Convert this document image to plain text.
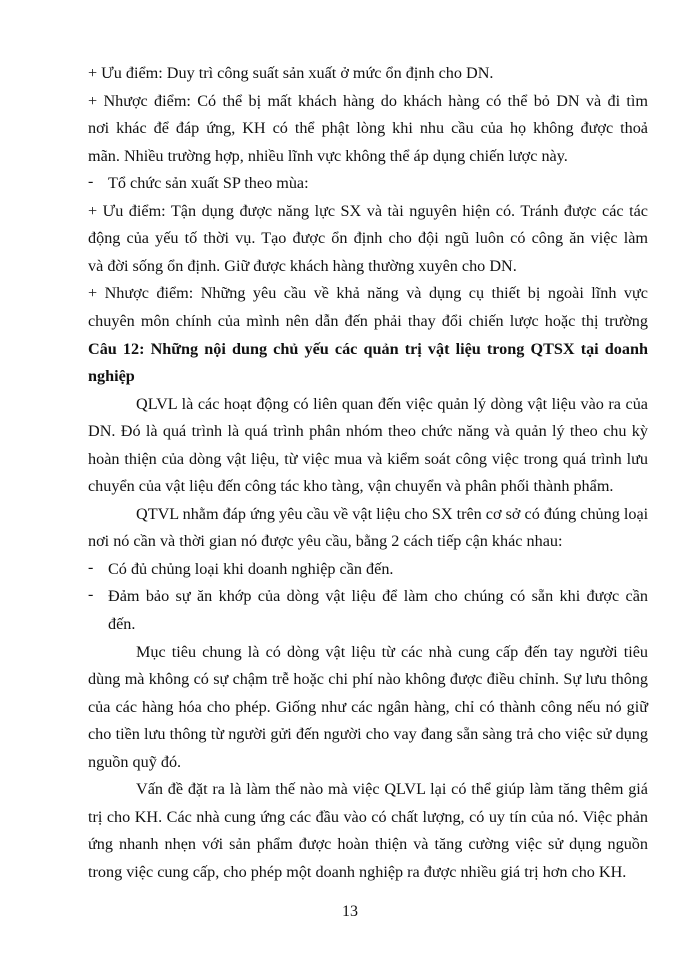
+ Ưu điểm: Duy trì công suất sản xuất ở mức ổn định cho DN.
+ Nhược điểm: Có thể bị mất khách hàng do khách hàng có thể bỏ DN và đi tìm
nơi khác để đáp ứng, KH có thể phật lòng khi nhu cầu của họ không được thoả
mãn. Nhiều trường hợp, nhiều lĩnh vực không thể áp dụng chiến lược này.
- Tổ chức sản xuất SP theo mùa:
+ Ưu điểm: Tận dụng được năng lực SX và tài nguyên hiện có. Tránh được các tác
động của yếu tố thời vụ. Tạo được ổn định cho đội ngũ luôn có công ăn việc làm
và đời sống ổn định. Giữ được khách hàng thường xuyên cho DN.
+ Nhược điểm: Những yêu cầu về khả năng và dụng cụ thiết bị ngoài lĩnh vực
chuyên môn chính của mình nên dẫn đến phải thay đổi chiến lược hoặc thị trường
Câu 12: Những nội dung chủ yếu các quản trị vật liệu trong QTSX tại doanh
nghiệp
QLVL là các hoạt động có liên quan đến việc quản lý dòng vật liệu vào ra của
DN. Đó là quá trình là quá trình phân nhóm theo chức năng và quản lý theo chu kỳ
hoàn thiện của dòng vật liệu, từ việc mua và kiểm soát công việc trong quá trình lưu
chuyển của vật liệu đến công tác kho tàng, vận chuyển và phân phối thành phẩm.
QTVL nhằm đáp ứng yêu cầu về vật liệu cho SX trên cơ sở có đúng chủng loại
nơi nó cần và thời gian nó được yêu cầu, bằng 2 cách tiếp cận khác nhau:
- Có đủ chủng loại khi doanh nghiệp cần đến.
- Đảm bảo sự ăn khớp của dòng vật liệu để làm cho chúng có sẵn khi được cần
đến.
Mục tiêu chung là có dòng vật liệu từ các nhà cung cấp đến tay người tiêu
dùng mà không có sự chậm trễ hoặc chi phí nào không được điều chỉnh. Sự lưu thông
của các hàng hóa cho phép. Giống như các ngân hàng, chỉ có thành công nếu nó giữ
cho tiền lưu thông từ người gửi đến người cho vay đang sẵn sàng trả cho việc sử dụng
nguồn quỹ đó.
Vấn đề đặt ra là làm thế nào mà việc QLVL lại có thể giúp làm tăng thêm giá
trị cho KH. Các nhà cung ứng các đầu vào có chất lượng, có uy tín của nó. Việc phản
ứng nhanh nhẹn với sản phẩm được hoàn thiện và tăng cường việc sử dụng nguồn
trong việc cung cấp, cho phép một doanh nghiệp ra được nhiều giá trị hơn cho KH.
13
